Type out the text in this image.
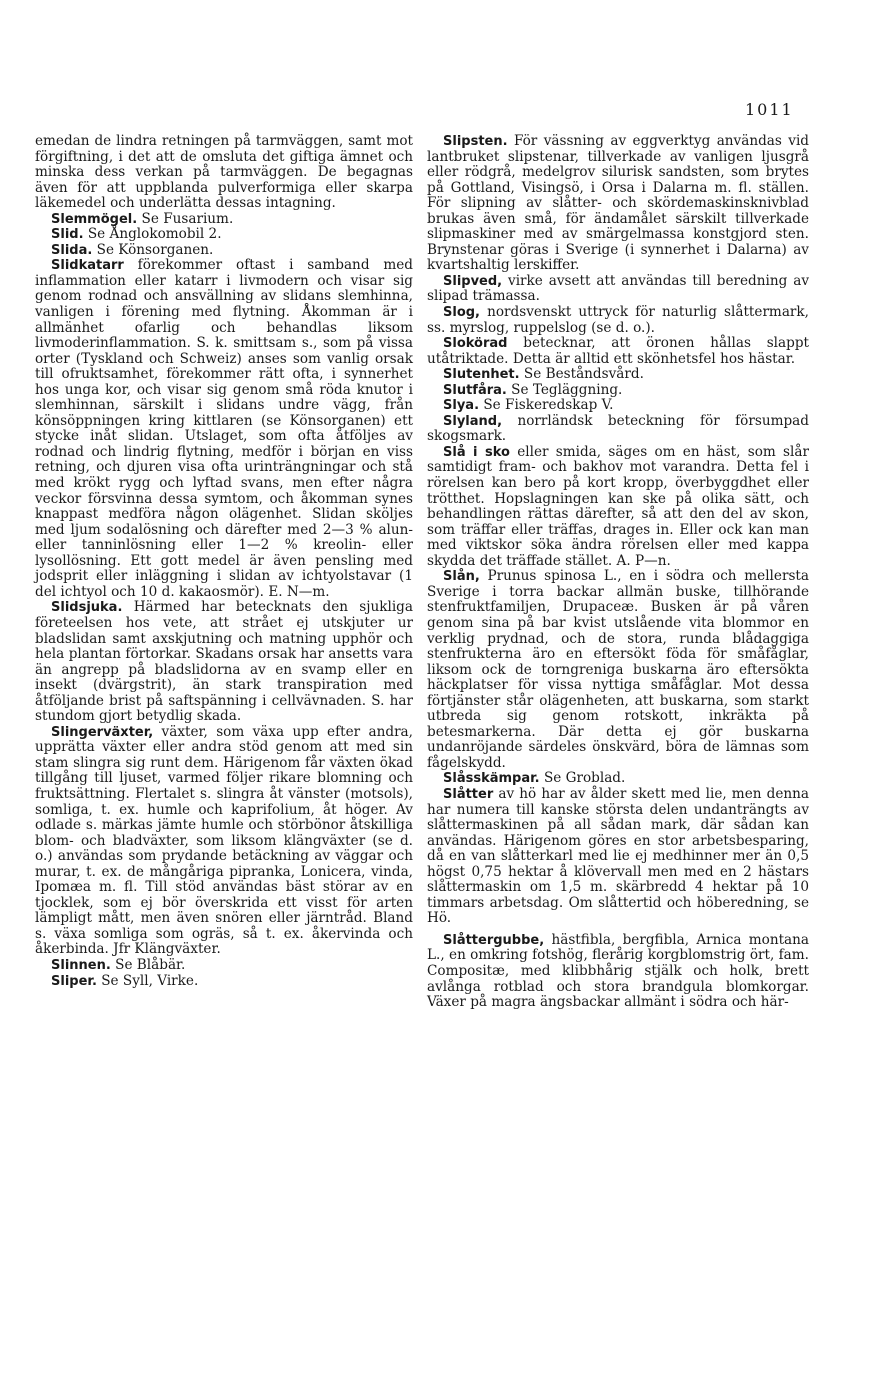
1011

emedan de lindra retningen på tarmväggen, samt mot förgiftning, i det att de omsluta det giftiga ämnet och minska dess verkan på tarmväggen. De begagnas även för att uppblanda pulverformiga eller skarpa läkemedel och underlätta dessas intagning.

Slemmögel. Se Fusarium.

Slid. Se Ånglokomobil 2.

Slida. Se Könsorganen.

Slidkatarr förekommer oftast i samband med inflammation eller katarr i livmodern och visar sig genom rodnad och ansvällning av slidans slemhinna, vanligen i förening med flytning. Åkomman är i allmänhet ofarlig och behandlas liksom livmoderinflammation. S. k. smittsam s., som på vissa orter (Tyskland och Schweiz) anses som vanlig orsak till ofruktsamhet, förekommer rätt ofta, i synnerhet hos unga kor, och visar sig genom små röda knutor i slemhinnan, särskilt i slidans undre vägg, från könsöppningen kring kittlaren (se Könsorganen) ett stycke inåt slidan. Utslaget, som ofta åtföljes av rodnad och lindrig flytning, medför i början en viss retning, och djuren visa ofta urinträngningar och stå med krökt rygg och lyftad svans, men efter några veckor försvinna dessa symtom, och åkomman synes knappast medföra någon olägenhet. Slidan sköljes med ljum sodalösning och därefter med 2—3 % alun- eller tanninlösning eller 1—2 % kreolin- eller lysollösning. Ett gott medel är även pensling med jodsprit eller inläggning i slidan av ichtyolstavar (1 del ichtyol och 10 d. kakaosmör). E. N—m.

Slidsjuka. Härmed har betecknats den sjukliga företeelsen hos vete, att strået ej utskjuter ur bladslidan samt axskjutning och matning upphör och hela plantan förtorkar. Skadans orsak har ansetts vara än angrepp på bladslidorna av en svamp eller en insekt (dvärgstrit), än stark transpiration med åtföljande brist på saftspänning i cellvävnaden. S. har stundom gjort betydlig skada.

Slingerväxter, växter, som växa upp efter andra, upprätta växter eller andra stöd genom att med sin stam slingra sig runt dem. Härigenom får växten ökad tillgång till ljuset, varmed följer rikare blomning och fruktsättning. Flertalet s. slingra åt vänster (motsols), somliga, t. ex. humle och kaprifolium, åt höger. Av odlade s. märkas jämte humle och störbönor åtskilliga blom- och bladväxter, som liksom klängväxter (se d. o.) användas som prydande betäckning av väggar och murar, t. ex. de mångåriga pipranka, Lonicera, vinda, Ipomæa m. fl. Till stöd användas bäst störar av en tjocklek, som ej bör överskrida ett visst för arten lämpligt mått, men även snören eller järntråd. Bland s. växa somliga som ogräs, så t. ex. åkervinda och åkerbinda. Jfr Klängväxter.

Slinnen. Se Blåbär.

Sliper. Se Syll, Virke.

Slipsten. För vässning av eggverktyg användas vid lantbruket slipstenar, tillverkade av vanligen ljusgrå eller rödgrå, medelgrov silurisk sandsten, som brytes på Gottland, Visingsö, i Orsa i Dalarna m. fl. ställen. För slipning av slåtter- och skördemaskinsknivblad brukas även små, för ändamålet särskilt tillverkade slipmaskiner med av smärgelmassa konstgjord sten. Brynstenar göras i Sverige (i synnerhet i Dalarna) av kvartshaltig lerskiffer.

Slipved, virke avsett att användas till beredning av slipad trämassa.

Slog, nordsvenskt uttryck för naturlig slåttermark, ss. myrslog, ruppelslog (se d. o.).

Slokörad betecknar, att öronen hållas slappt utåtriktade. Detta är alltid ett skönhetsfel hos hästar.

Slutenhet. Se Beståndsvård.

Slutfåra. Se Tegläggning.

Slya. Se Fiskeredskap V.

Slyland, norrländsk beteckning för försumpad skogsmark.

Slå i sko eller smida, säges om en häst, som slår samtidigt fram- och bakhov mot varandra. Detta fel i rörelsen kan bero på kort kropp, överbyggdhet eller trötthet. Hopslagningen kan ske på olika sätt, och behandlingen rättas därefter, så att den del av skon, som träffar eller träffas, drages in. Eller ock kan man med viktskor söka ändra rörelsen eller med kappa skydda det träffade stället. A. P—n.

Slån, Prunus spinosa L., en i södra och mellersta Sverige i torra backar allmän buske, tillhörande stenfruktfamiljen, Drupaceæ. Busken är på våren genom sina på bar kvist utslående vita blommor en verklig prydnad, och de stora, runda blådaggiga stenfrukterna äro en eftersökt föda för småfåglar, liksom ock de torngreniga buskarna äro eftersökta häckplatser för vissa nyttiga småfåglar. Mot dessa förtjänster står olägenheten, att buskarna, som starkt utbreda sig genom rotskott, inkräkta på betesmarkerna. Där detta ej gör buskarna undanröjande särdeles önskvärd, böra de lämnas som fågelskydd.

Slåsskämpar. Se Groblad.

Slåtter av hö har av ålder skett med lie, men denna har numera till kanske största delen undanträngts av slåttermaskinen på all sådan mark, där sådan kan användas. Härigenom göres en stor arbetsbesparing, då en van slåtterkarl med lie ej medhinner mer än 0,5 högst 0,75 hektar å klövervall men med en 2 hästars slåttermaskin om 1,5 m. skärbredd 4 hektar på 10 timmars arbetsdag. Om slåttertid och höberedning, se Hö.

Slåttergubbe, hästfibla, bergfibla, Arnica montana L., en omkring fotshög, flerårig korgblomstrig ört, fam. Compositæ, med klibbhårig stjälk och holk, brett avlånga rotblad och stora brandgula blomkorgar. Växer på magra ängsbackar allmänt i södra och här-
